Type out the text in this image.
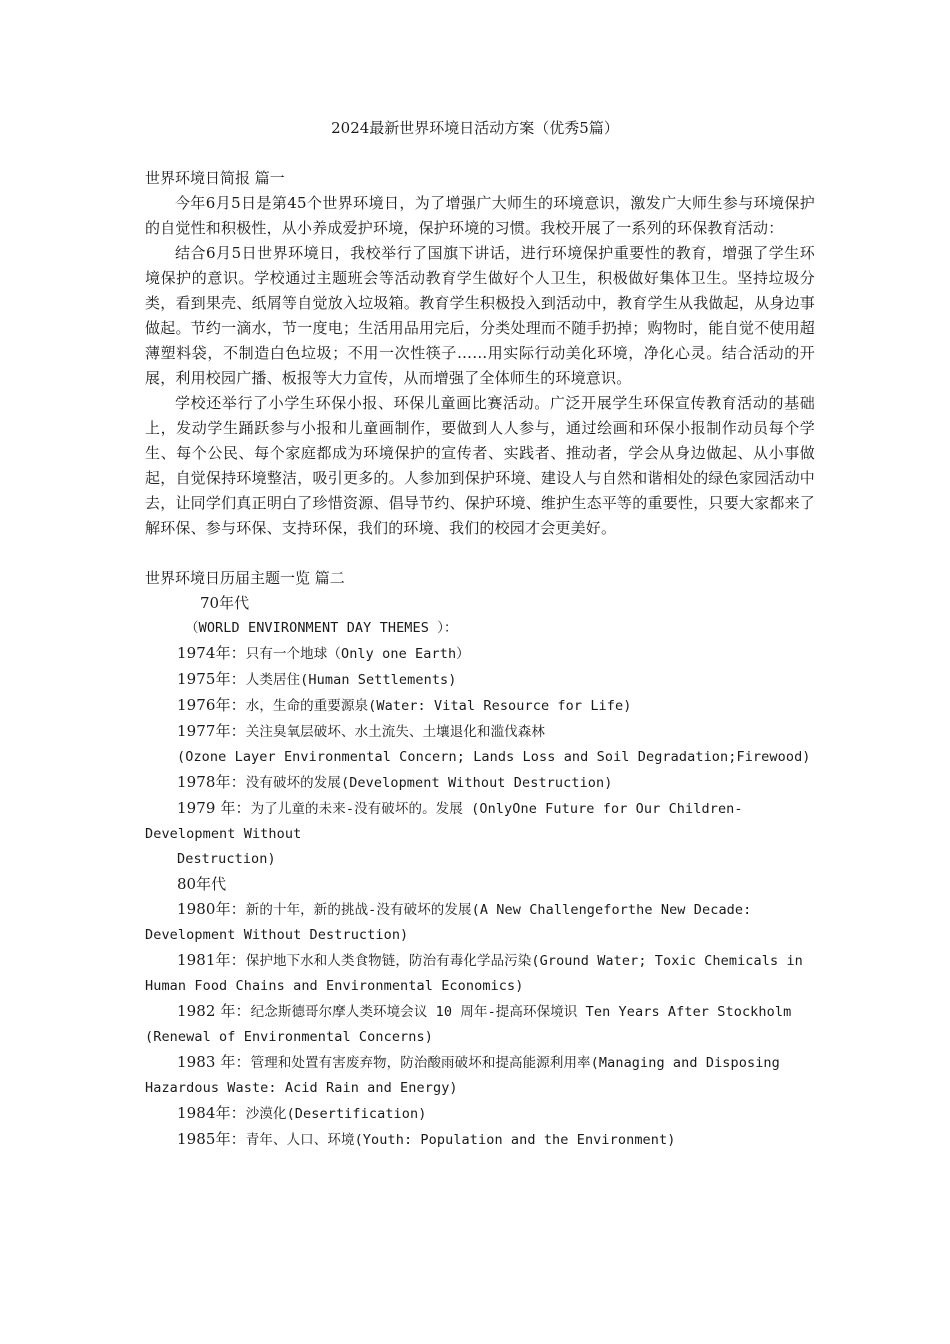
2024最新世界环境日活动方案（优秀5篇）

世界环境日简报 篇一

今年6月5日是第45个世界环境日，为了增强广大师生的环境意识，激发广大师生参与环境保护的自觉性和积极性，从小养成爱护环境，保护环境的习惯。我校开展了一系列的环保教育活动：

结合6月5日世界环境日，我校举行了国旗下讲话，进行环境保护重要性的教育，增强了学生环境保护的意识。学校通过主题班会等活动教育学生做好个人卫生，积极做好集体卫生。坚持垃圾分类，看到果壳、纸屑等自觉放入垃圾箱。教育学生积极投入到活动中，教育学生从我做起，从身边事做起。节约一滴水，节一度电；生活用品用完后，分类处理而不随手扔掉；购物时，能自觉不使用超薄塑料袋，不制造白色垃圾；不用一次性筷子……用实际行动美化环境，净化心灵。结合活动的开展，利用校园广播、板报等大力宣传，从而增强了全体师生的环境意识。

学校还举行了小学生环保小报、环保儿童画比赛活动。广泛开展学生环保宣传教育活动的基础上，发动学生踊跃参与小报和儿童画制作，要做到人人参与，通过绘画和环保小报制作动员每个学生、每个公民、每个家庭都成为环境保护的宣传者、实践者、推动者，学会从身边做起、从小事做起，自觉保持环境整洁，吸引更多的。人参加到保护环境、建设人与自然和谐相处的绿色家园活动中去，让同学们真正明白了珍惜资源、倡导节约、保护环境、维护生态平等的重要性，只要大家都来了解环保、参与环保、支持环保，我们的环境、我们的校园才会更美好。

世界环境日历届主题一览 篇二

70年代

（WORLD ENVIRONMENT DAY THEMES ）：

1974年：只有一个地球（Only one Earth）

1975年：人类居住(Human Settlements)

1976年：水，生命的重要源泉(Water: Vital Resource for Life)

1977年：关注臭氧层破坏、水土流失、土壤退化和滥伐森林

(Ozone Layer Environmental Concern; Lands Loss and Soil Degradation;Firewood)

1978年：没有破坏的发展(Development Without Destruction)

1979 年：为了儿童的未来-没有破坏的。发展 (OnlyOne Future for Our Children-Development Without

Destruction)

80年代

1980年：新的十年，新的挑战-没有破坏的发展(A New Challengeforthe New Decade: Development Without Destruction)

1981年：保护地下水和人类食物链，防治有毒化学品污染(Ground Water; Toxic Chemicals in Human Food Chains and Environmental Economics)

1982 年：纪念斯德哥尔摩人类环境会议 10 周年-提高环保境识 Ten Years After Stockholm (Renewal of Environmental Concerns)

1983 年：管理和处置有害废弃物，防治酸雨破坏和提高能源利用率(Managing and Disposing Hazardous Waste: Acid Rain and Energy)

1984年：沙漠化(Desertification)

1985年：青年、人口、环境(Youth: Population and the Environment)
